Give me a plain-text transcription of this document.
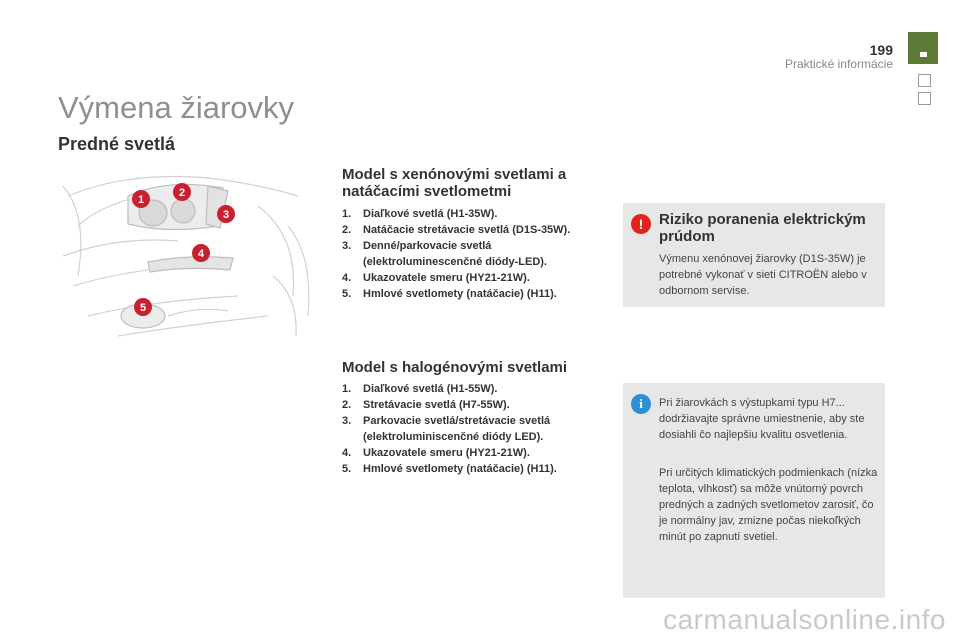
199
Praktické informácie
Výmena žiarovky
Predné svetlá
1
2
3
4
5
Model s xenónovými svetlami a natáčacími svetlometmi
1. Diaľkové svetlá (H1-35W).
2. Natáčacie stretávacie svetlá (D1S-35W).
3. Denné/parkovacie svetlá (elektroluminescenčné diódy-LED).
4. Ukazovatele smeru (HY21-21W).
5. Hmlové svetlomety (natáčacie) (H11).
Model s halogénovými svetlami
1. Diaľkové svetlá (H1-55W).
2. Stretávacie svetlá (H7-55W).
3. Parkovacie svetlá/stretávacie svetlá (elektroluminiscenčné diódy LED).
4. Ukazovatele smeru (HY21-21W).
5. Hmlové svetlomety (natáčacie) (H11).
!	Riziko poranenia elektrickým prúdom

Výmenu xenónovej žiarovky (D1S-35W) je potrebné vykonať v sieti CITROËN alebo v odbornom servise.

i	Pri žiarovkách s výstupkami typu H7... dodržiavajte správne umiestnenie, aby ste dosiahli čo najlepšiu kvalitu osvetlenia.

Pri určitých klimatických podmienkach (nízka teplota, vlhkosť) sa môže vnútorný povrch predných a zadných svetlometov zarosiť, čo je normálny jav, zmizne počas niekoľkých minút po zapnutí svetiel.

carmanualsonline.info
